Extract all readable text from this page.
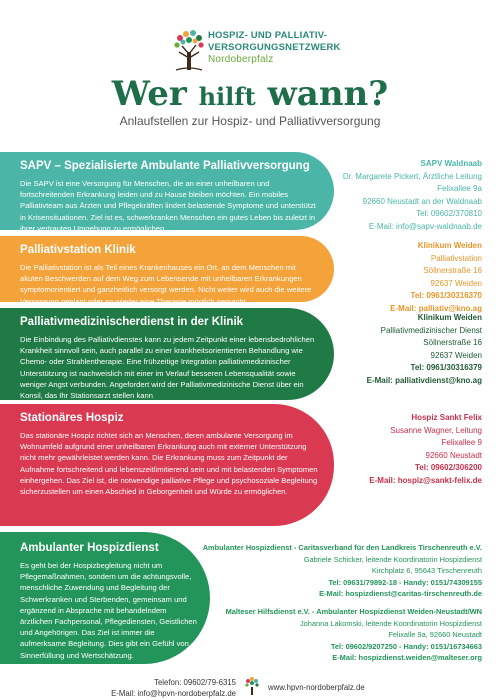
HOSPIZ- UND PALLIATIV-
VERSORGUNGSNETZWERK
Nordoberpfalz
Wer hilft wann?
Anlaufstellen zur Hospiz- und Palliativversorgung
SAPV – Spezialisierte Ambulante Palliativversorgung
Die SAPV ist eine Versorgung für Menschen, die an einer unheilbaren und fortschreitenden Erkrankung leiden und zu Hause bleiben möchten. Ein mobiles Palliativteam aus Ärzten und Pflegekräften lindert belastende Symptome und unterstützt in Krisensituationen. Ziel ist es, schwerkranken Menschen ein gutes Leben bis zuletzt in ihrer vertrauten Umgebung zu ermöglichen.
SAPV Waldnaab
Dr. Margarete Pickert, Ärztliche Leitung
Felixallee 9a
92660 Neustadt an der Waldnaab
Tel: 09602/370810
E-Mail: info@sapv-waldnaab.de
Palliativstation Klinik
Die Palliativstation ist als Teil eines Krankenhauses ein Ort, an dem Menschen mit akuten Beschwerden auf dem Weg zum Lebensende mit unheilbaren Erkrankungen symptomorientiert und ganzheitlich versorgt werden. Nicht weiter wird auch die weitere Versorgung geplant oder so wieder eine Therapie möglich gemacht.
Klinikum Weiden
Palliativstation
Söllnerstraße 16
92637 Weiden
Tel: 0961/30316370
E-Mail: palliativ@kno.ag
Palliativmedizinischerdienst in der Klinik
Die Einbindung des Palliativdienstes kann zu jedem Zeitpunkt einer lebensbedrohlichen Krankheit sinnvoll sein, auch parallel zu einer krankheitsorientierten Behandlung wie Chemo- oder Strahlentherapie. Eine frühzeitige Integration palliativmedizinischer Unterstützung ist nachweislich mit einer im Verlauf besseren Lebensqualität sowie weniger Angst verbunden. Angefordert wird der Palliativmedizinische Dienst über ein Konsil, das Ihr Stationsarzt stellen kann
Klinikum Weiden
Palliativmedizinischer Dienst
Söllnerstraße 16
92637 Weiden
Tel: 0961/30316379
E-Mail: palliativdienst@kno.ag
Stationäres Hospiz
Das stationäre Hospiz richtet sich an Menschen, deren ambulante Versorgung im Wohnumfeld aufgrund einer unheilbaren Erkrankung auch mit externer Unterstützung nicht mehr gewährleistet werden kann. Die Erkrankung muss zum Zeitpunkt der Aufnahme fortschreitend und lebenszeitlimitierend sein und mit belastenden Symptomen einhergehen. Das Ziel ist, die notwendige palliative Pflege und psychosoziale Begleitung sicherzustellen um einen Abschied in Geborgenheit und Würde zu ermöglichen.
Hospiz Sankt Felix
Susanne Wagner, Leitung
Felixallee 9
92660 Neustadt
Tel: 09602/306200
E-Mail: hospiz@sankt-felix.de
Ambulanter Hospizdienst
Es geht bei der Hospizbegleitung nicht um Pflegemaßnahmen, sondern um die achtungsvolle, menschliche Zuwendung und Begleitung der Schwerkranken und Sterbenden, gemeinsam und ergänzend in Absprache mit behandelndem ärztlichen Fachpersonal, Pflegediensten, Geistlichen und Angehörigen. Das Ziel ist immer die aufmerksame Begleitung. Dies gibt ein Gefühl von Sinnerfüllung und Wertschätzung.
Ambulanter Hospizdienst - Caritasverband für den Landkreis Tirschenreuth e.V.
Gabriele Schicker, leitende Koordinatorin Hospizdienst
Kirchplatz 6, 95643 Tirschenreuth
Tel: 09631/79892-18 - Handy: 0151/74309155
E-Mail: hospizdienst@caritas-tirschenreuth.de
Malteser Hilfsdienst e.V. - Ambulanter Hospizdienst Weiden-Neustadt/WN
Johanna Lakomski, leitende Koordinatorin Hospizdienst
Felixalle 9a, 92660 Neustadt
Tel: 09602/9207250 - Handy: 0151/16734663
E-Mail: hospizdienst.weiden@malteser.org
Telefon: 09602/79-6315
E-Mail: info@hpvn-nordoberpfalz.de
www.hpvn-nordoberpfalz.de
